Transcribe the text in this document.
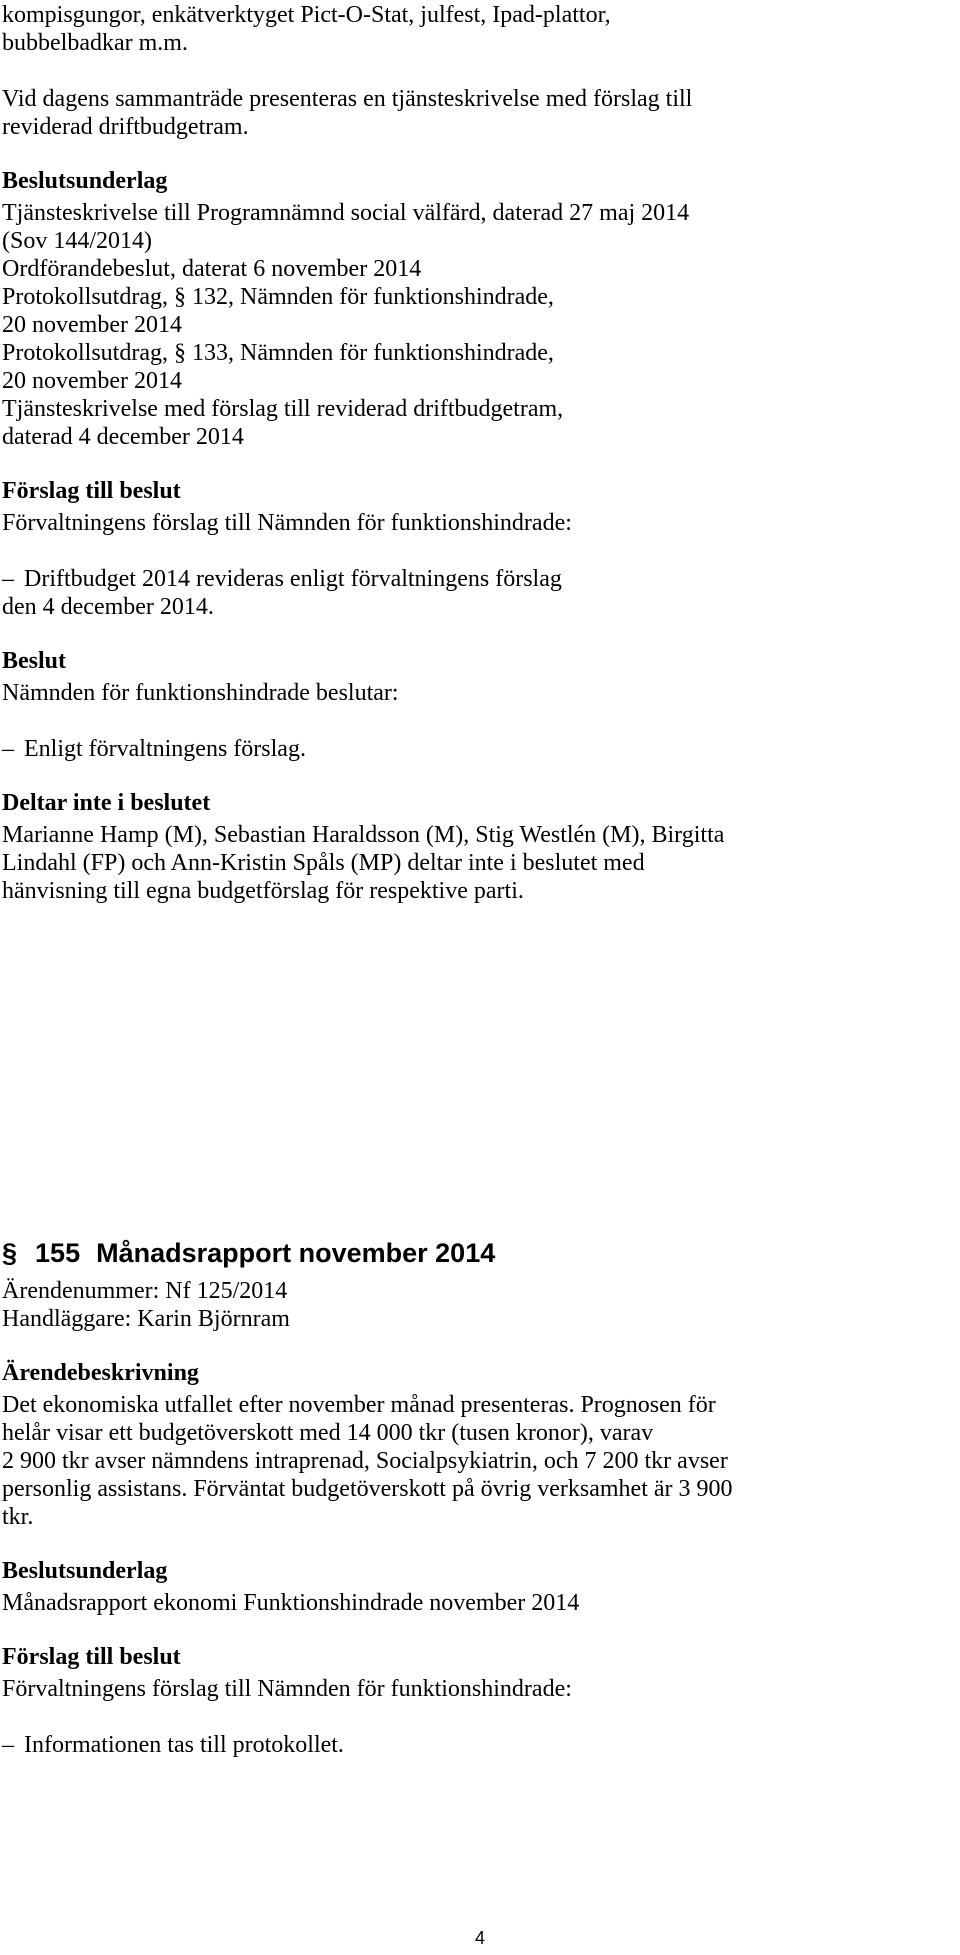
kompisgungor, enkätverktyget Pict-O-Stat, julfest, Ipad-plattor,

bubbelbadkar m.m.

Vid dagens sammanträde presenteras en tjänsteskrivelse med förslag till

reviderad driftbudgetram.

Beslutsunderlag

Tjänsteskrivelse till Programnämnd social välfärd, daterad 27 maj 2014

(Sov 144/2014)

Ordförandebeslut, daterat 6 november 2014

Protokollsutdrag, § 132, Nämnden för funktionshindrade,

20 november 2014

Protokollsutdrag, § 133, Nämnden för funktionshindrade,

20 november 2014

Tjänsteskrivelse med förslag till reviderad driftbudgetram,

daterad 4 december 2014

Förslag till beslut

Förvaltningens förslag till Nämnden för funktionshindrade:

– Driftbudget 2014 revideras enligt förvaltningens förslag

den 4 december 2014.

Beslut

Nämnden för funktionshindrade beslutar:

– Enligt förvaltningens förslag.

Deltar inte i beslutet

Marianne Hamp (M), Sebastian Haraldsson (M), Stig Westlén (M), Birgitta

Lindahl (FP) och Ann-Kristin Spåls (MP) deltar inte i beslutet med

hänvisning till egna budgetförslag för respektive parti.

§ 155 Månadsrapport november 2014

Ärendenummer: Nf 125/2014

Handläggare: Karin Björnram

Ärendebeskrivning

Det ekonomiska utfallet efter november månad presenteras. Prognosen för

helår visar ett budgetöverskott med 14 000 tkr (tusen kronor), varav

2 900 tkr avser nämndens intraprenad, Socialpsykiatrin, och 7 200 tkr avser

personlig assistans. Förväntat budgetöverskott på övrig verksamhet är 3 900

tkr.

Beslutsunderlag

Månadsrapport ekonomi Funktionshindrade november 2014

Förslag till beslut

Förvaltningens förslag till Nämnden för funktionshindrade:

– Informationen tas till protokollet.

4
